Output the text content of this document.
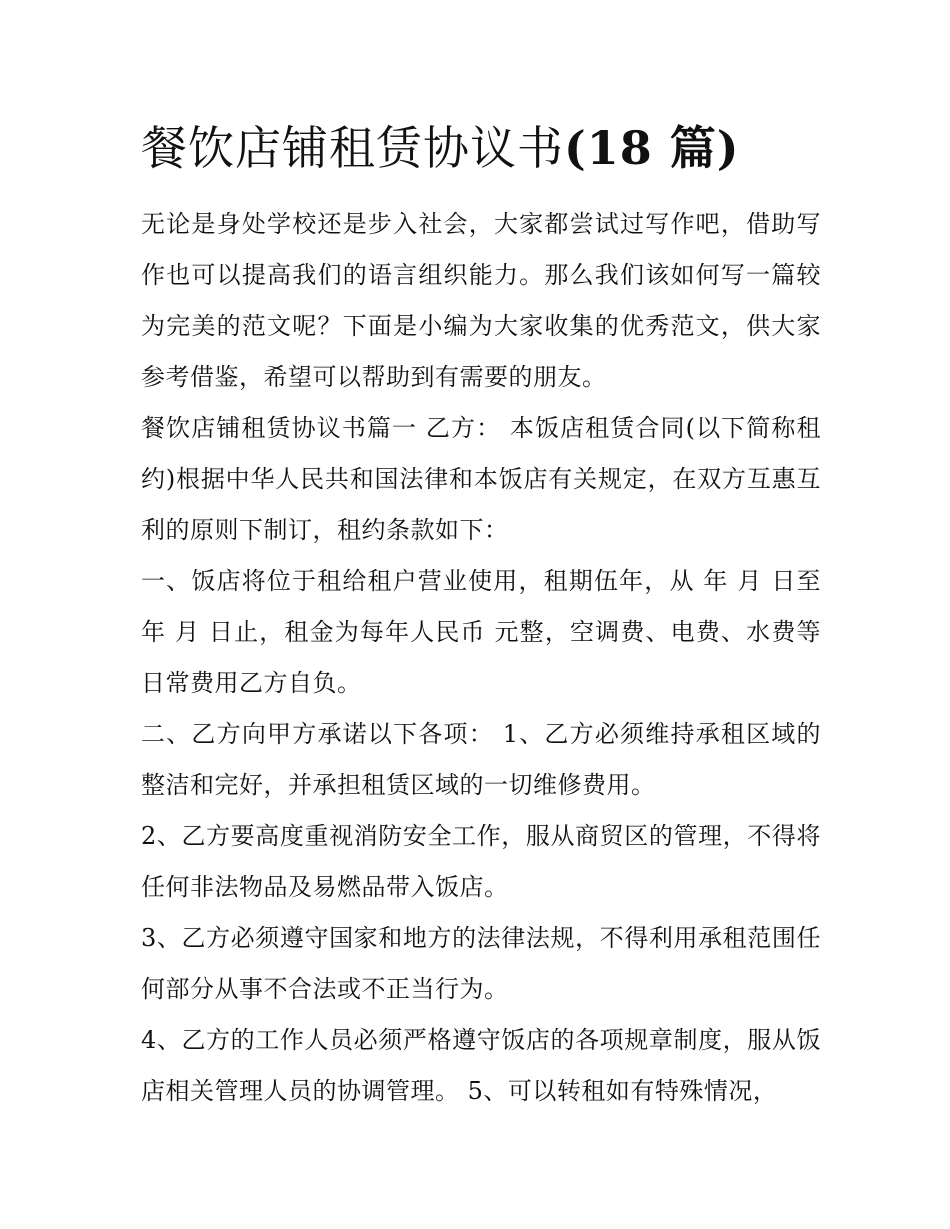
餐饮店铺租赁协议书(18 篇)

无论是身处学校还是步入社会，大家都尝试过写作吧，借助写作也可以提高我们的语言组织能力。那么我们该如何写一篇较为完美的范文呢？下面是小编为大家收集的优秀范文，供大家参考借鉴，希望可以帮助到有需要的朋友。

餐饮店铺租赁协议书篇一 乙方： 本饭店租赁合同(以下简称租约)根据中华人民共和国法律和本饭店有关规定，在双方互惠互利的原则下制订，租约条款如下：

一、饭店将位于租给租户营业使用，租期伍年，从 年 月 日至 年 月 日止，租金为每年人民币 元整，空调费、电费、水费等日常费用乙方自负。

二、乙方向甲方承诺以下各项： 1、乙方必须维持承租区域的整洁和完好，并承担租赁区域的一切维修费用。

2、乙方要高度重视消防安全工作，服从商贸区的管理，不得将任何非法物品及易燃品带入饭店。

3、乙方必须遵守国家和地方的法律法规，不得利用承租范围任何部分从事不合法或不正当行为。

4、乙方的工作人员必须严格遵守饭店的各项规章制度，服从饭店相关管理人员的协调管理。 5、可以转租如有特殊情况，
